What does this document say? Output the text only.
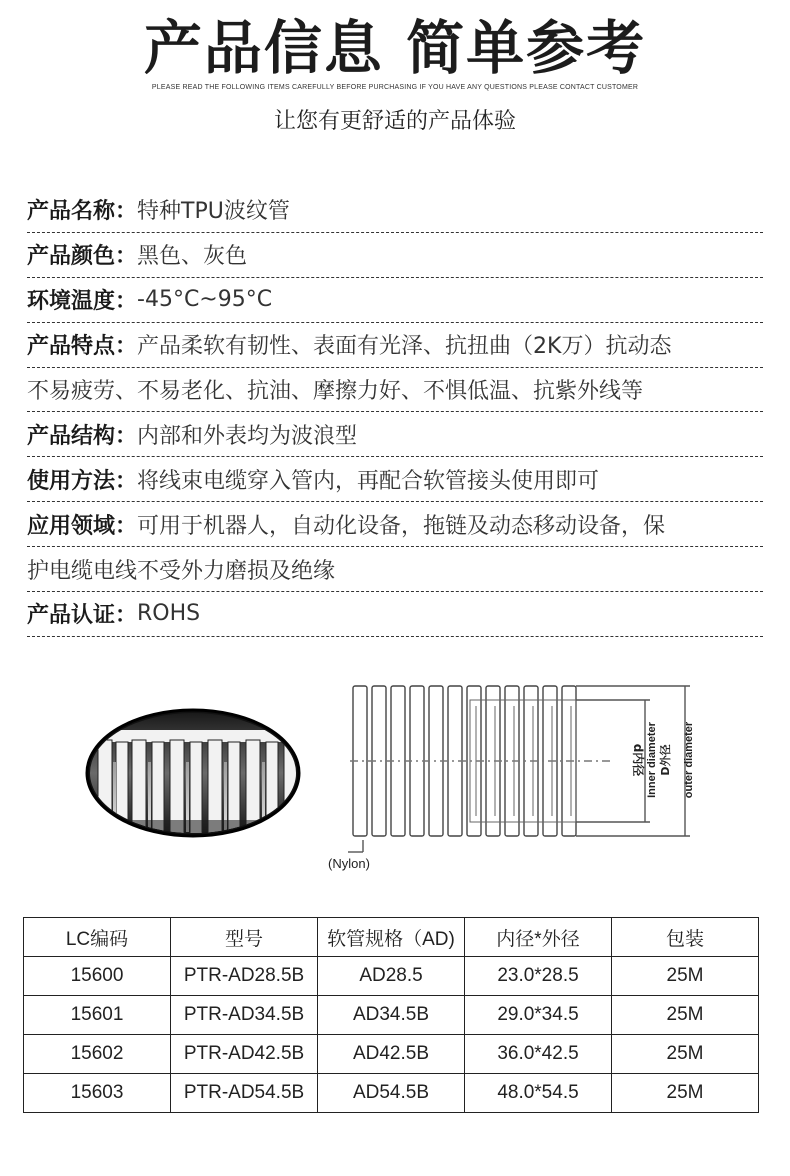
产品信息 简单参考
PLEASE READ THE FOLLOWING ITEMS CAREFULLY BEFORE PURCHASING IF YOU HAVE ANY QUESTIONS PLEASE CONTACT CUSTOMER
让您有更舒适的产品体验
产品名称： 特种TPU波纹管
产品颜色： 黑色、灰色
环境温度： -45°C~95°C
产品特点： 产品柔软有韧性、表面有光泽、抗扭曲（2K万）抗动态
不易疲劳、不易老化、抗油、摩擦力好、不惧低温、抗紫外线等
产品结构： 内部和外表均为波浪型
使用方法： 将线束电缆穿入管内，再配合软管接头使用即可
应用领域： 可用于机器人，自动化设备，拖链及动态移动设备，保
护电缆电线不受外力磨损及绝缘
产品认证： ROHS
(Nylon)
d内径 Inner diameter D外径 outer diameter
LC编码	型号	软管规格（AD)	内径*外径	包装
15600	PTR-AD28.5B	AD28.5	23.0*28.5	25M
15601	PTR-AD34.5B	AD34.5B	29.0*34.5	25M
15602	PTR-AD42.5B	AD42.5B	36.0*42.5	25M
15603	PTR-AD54.5B	AD54.5B	48.0*54.5	25M
